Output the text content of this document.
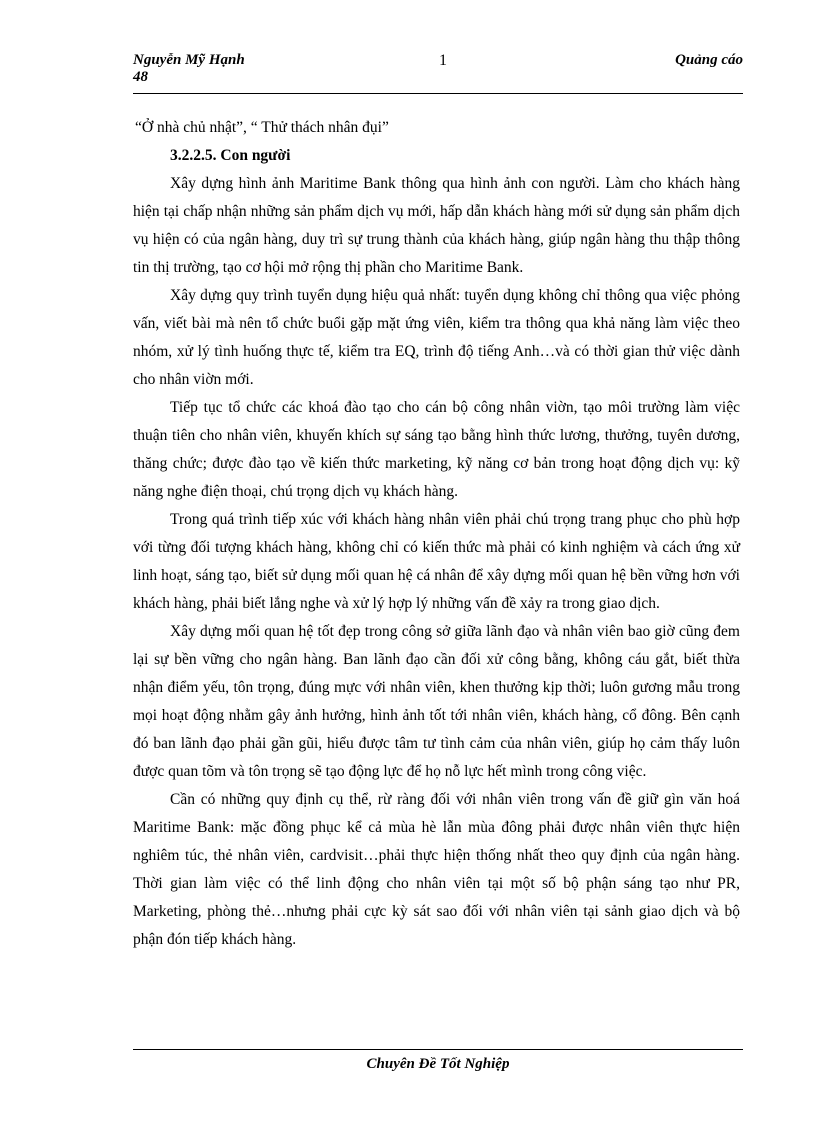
Nguyễn Mỹ Hạnh
48
1	Quảng cáo

“Ở nhà chủ nhật”, “ Thử thách nhân đụi”

3.2.2.5. Con người

Xây dựng hình ảnh Maritime Bank thông qua hình ảnh con người. Làm cho khách hàng hiện tại chấp nhận những sản phẩm dịch vụ mới, hấp dẫn khách hàng mới sử dụng sản phẩm dịch vụ hiện có của ngân hàng, duy trì sự trung thành của khách hàng, giúp ngân hàng thu thập thông tin thị trường, tạo cơ hội mở rộng thị phần cho Maritime Bank.

Xây dựng quy trình tuyển dụng hiệu quả nhất: tuyển dụng không chỉ thông qua việc phỏng vấn, viết bài mà nên tổ chức buổi gặp mặt ứng viên, kiểm tra thông qua khả năng làm việc theo nhóm, xử lý tình huống thực tế, kiểm tra EQ, trình độ tiếng Anh…và có thời gian thử việc dành cho nhân viờn mới.

Tiếp tục tổ chức các khoá đào tạo cho cán bộ công nhân viờn, tạo môi trường làm việc thuận tiên cho nhân viên, khuyến khích sự sáng tạo bằng hình thức lương, thưởng, tuyên dương, thăng chức; được đào tạo về kiến thức marketing, kỹ năng cơ bản trong hoạt động dịch vụ: kỹ năng nghe điện thoại, chú trọng dịch vụ khách hàng.

Trong quá trình tiếp xúc với khách hàng nhân viên phải chú trọng trang phục cho phù hợp với từng đối tượng khách hàng, không chỉ có kiến thức mà phải có kinh nghiệm và cách ứng xử linh hoạt, sáng tạo, biết sử dụng mối quan hệ cá nhân để xây dựng mối quan hệ bền vững hơn với khách hàng, phải biết lắng nghe và xử lý hợp lý những vấn đề xảy ra trong giao dịch.

Xây dựng mối quan hệ tốt đẹp trong công sở giữa lãnh đạo và nhân viên bao giờ cũng đem lại sự bền vững cho ngân hàng. Ban lãnh đạo cần đối xử công bằng, không cáu gắt, biết thừa nhận điểm yếu, tôn trọng, đúng mực với nhân viên, khen thưởng kịp thời; luôn gương mẫu trong mọi hoạt động nhằm gây ảnh hưởng, hình ảnh tốt tới nhân viên, khách hàng, cổ đông. Bên cạnh đó ban lãnh đạo phải gần gũi, hiểu được tâm tư tình cảm của nhân viên, giúp họ cảm thấy luôn được quan tõm và tôn trọng sẽ tạo động lực để họ nỗ lực hết mình trong công việc.

Cần có những quy định cụ thể, rừ ràng đối với nhân viên trong vấn đề giữ gìn văn hoá Maritime Bank: mặc đồng phục kể cả mùa hè lẫn mùa đông phải được nhân viên thực hiện nghiêm túc, thẻ nhân viên, cardvisit…phải thực hiện thống nhất theo quy định của ngân hàng. Thời gian làm việc có thể linh động cho nhân viên tại một số bộ phận sáng tạo như PR, Marketing, phòng thẻ…nhưng phải cực kỳ sát sao đối với nhân viên tại sảnh giao dịch và bộ phận đón tiếp khách hàng.

Chuyên Đề Tốt Nghiệp
